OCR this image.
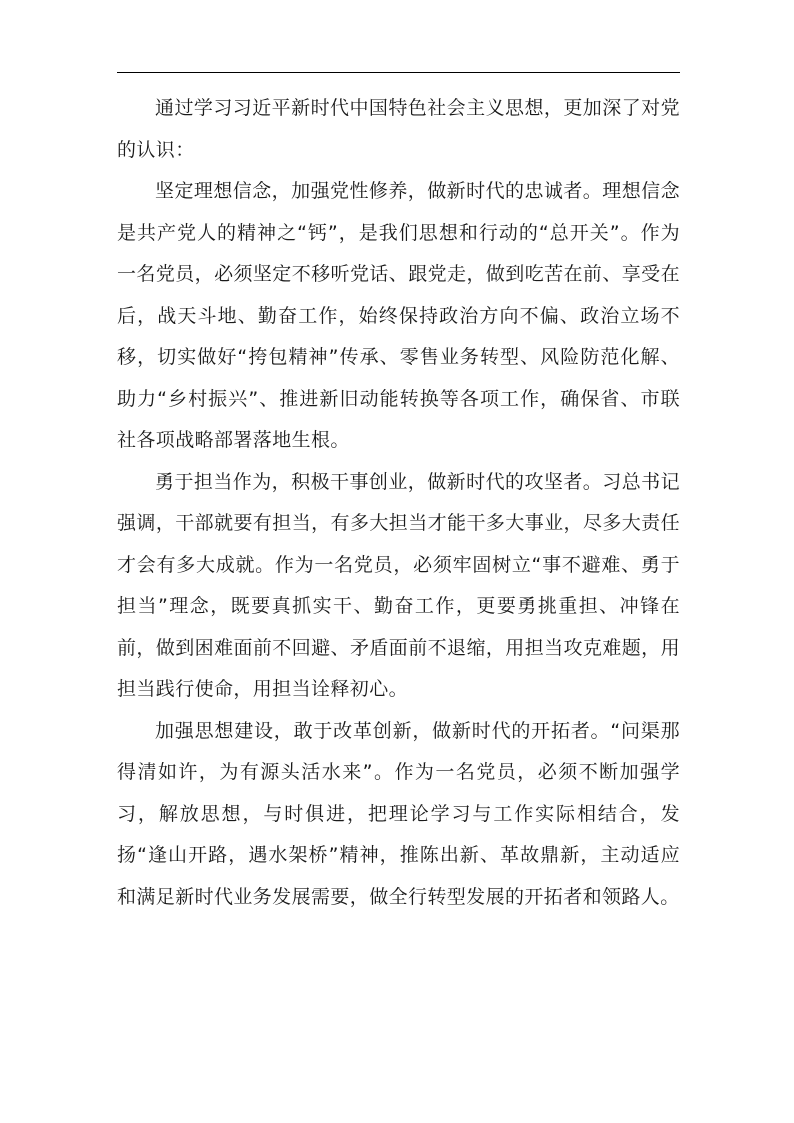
通过学习习近平新时代中国特色社会主义思想，更加深了对党的认识：

坚定理想信念，加强党性修养，做新时代的忠诚者。理想信念是共产党人的精神之“钙”，是我们思想和行动的“总开关”。作为一名党员，必须坚定不移听党话、跟党走，做到吃苦在前、享受在后，战天斗地、勤奋工作，始终保持政治方向不偏、政治立场不移，切实做好“挎包精神”传承、零售业务转型、风险防范化解、助力“乡村振兴”、推进新旧动能转换等各项工作，确保省、市联社各项战略部署落地生根。

勇于担当作为，积极干事创业，做新时代的攻坚者。习总书记强调，干部就要有担当，有多大担当才能干多大事业，尽多大责任才会有多大成就。作为一名党员，必须牢固树立“事不避难、勇于担当”理念，既要真抓实干、勤奋工作，更要勇挑重担、冲锋在前，做到困难面前不回避、矛盾面前不退缩，用担当攻克难题，用担当践行使命，用担当诠释初心。

加强思想建设，敢于改革创新，做新时代的开拓者。“问渠那得清如许，为有源头活水来”。作为一名党员，必须不断加强学习，解放思想，与时俱进，把理论学习与工作实际相结合，发扬“逢山开路，遇水架桥”精神，推陈出新、革故鼎新，主动适应和满足新时代业务发展需要，做全行转型发展的开拓者和领路人。
